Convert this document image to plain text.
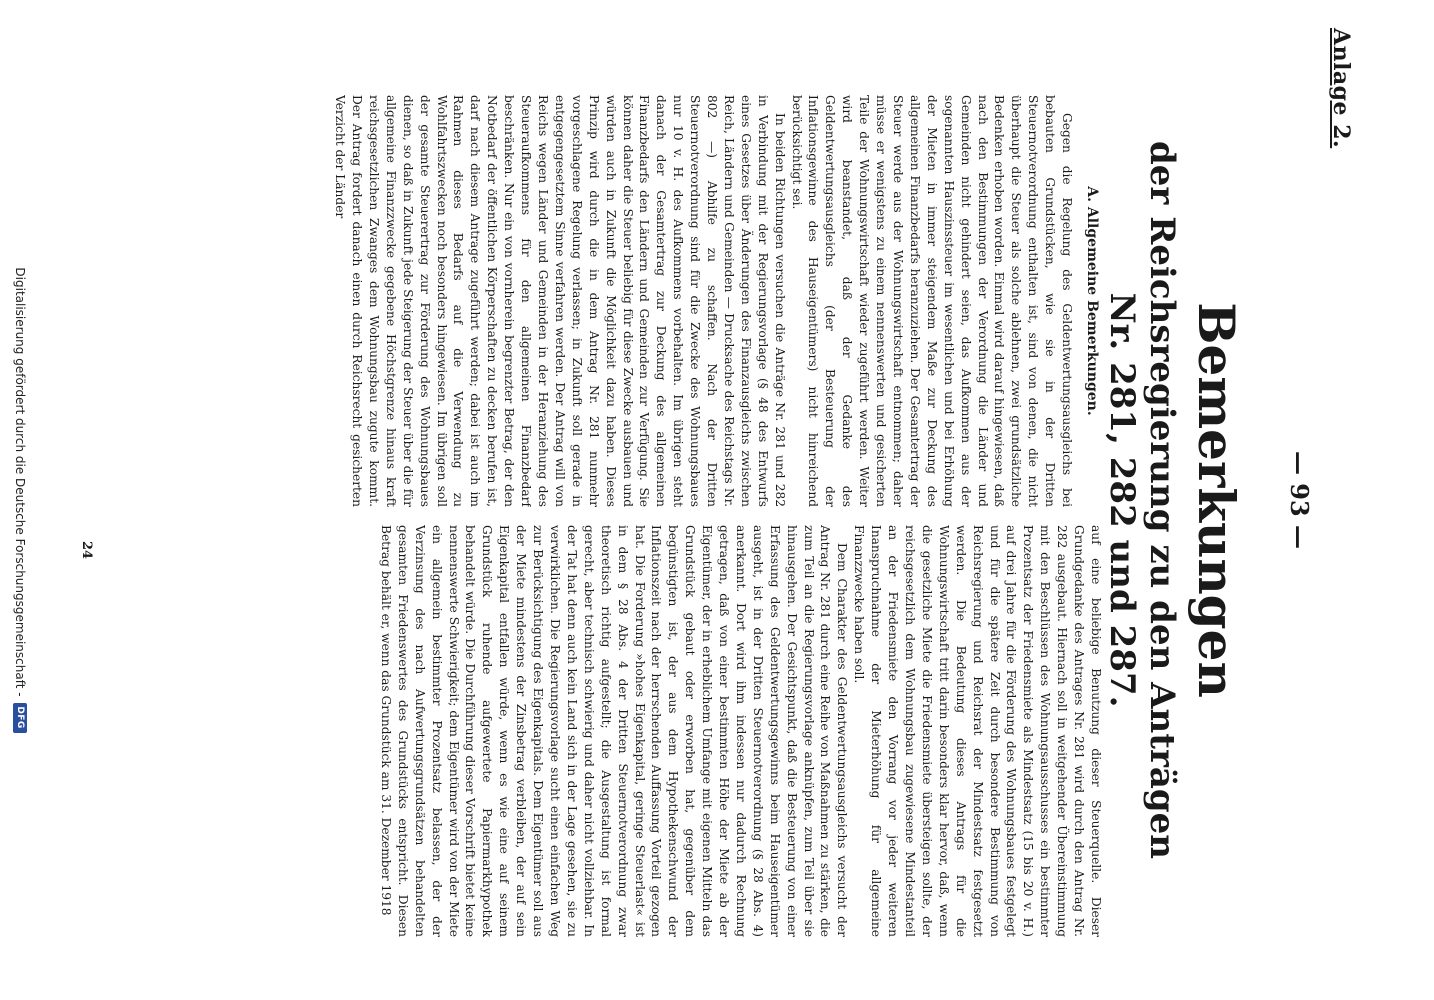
Anlage 2.
— 93 —
Bemerkungen
der Reichsregierung zu den Anträgen Nr. 281, 282 und 287.
A. Allgemeine Bemerkungen.

Gegen die Regelung des Geldentwertungsausgleichs bei bebauten Grundstücken, wie sie in der Dritten Steuernotverordnung enthalten ist, sind von denen, die nicht überhaupt die Steuer als solche ablehnen, zwei grundsätzliche Bedenken erhoben worden. Einmal wird darauf hingewiesen, daß nach den Bestimmungen der Verordnung die Länder und Gemeinden nicht gehindert seien, das Aufkommen aus der sogenannten Hauszinssteuer im wesentlichen und bei Erhöhung der Mieten in immer steigendem Maße zur Deckung des allgemeinen Finanzbedarfs heranzuziehen. Der Gesamtertrag der Steuer werde aus der Wohnungswirtschaft entnommen; daher müsse er wenigstens zu einem nennenswerten und gesicherten Teile der Wohnungswirtschaft wieder zugeführt werden. Weiter wird beanstandet, daß der Gedanke des Geldentwertungsausgleichs (der Besteuerung der Inflationsgewinne des Hauseigentümers) nicht hinreichend berücksichtigt sei.

In beiden Richtungen versuchen die Anträge Nr. 281 und 282 in Verbindung mit der Regierungsvorlage (§ 48 des Entwurfs eines Gesetzes über Änderungen des Finanzausgleichs zwischen Reich, Ländern und Gemeinden — Drucksache des Reichstags Nr. 802 —) Abhilfe zu schaffen. Nach der Dritten Steuernotverordnung sind für die Zwecke des Wohnungsbaues nur 10 v. H. des Aufkommens vorbehalten. Im übrigen steht danach der Gesamtertrag zur Deckung des allgemeinen Finanzbedarfs den Ländern und Gemeinden zur Verfügung. Sie können daher die Steuer beliebig für diese Zwecke ausbauen und würden auch in Zukunft die Möglichkeit dazu haben. Dieses Prinzip wird durch die in dem Antrag Nr. 281 nunmehr vorgeschlagene Regelung verlassen; in Zukunft soll gerade in entgegengesetztem Sinne verfahren werden. Der Antrag will von Reichs wegen Länder und Gemeinden in der Heranziehung des Steueraufkommens für den allgemeinen Finanzbedarf beschränken. Nur ein von vornherein begrenzter Betrag, der den Notbedarf der öffentlichen Körperschaften zu decken berufen ist, darf nach diesem Antrage zugeführt werden; dabei ist auch im Rahmen dieses Bedarfs auf die Verwendung zu Wohlfahrtszwecken noch besonders hingewiesen. Im übrigen soll der gesamte Steuerertrag zur Förderung des Wohnungsbaues dienen, so daß in Zukunft jede Steigerung der Steuer über die für allgemeine Finanzzwecke gegebene Höchstgrenze hinaus kraft reichsgesetzlichen Zwanges dem Wohnungsbau zugute kommt. Der Antrag fordert danach einen durch Reichsrecht gesicherten Verzicht der Länder

auf eine beliebige Benutzung dieser Steuerquelle. Dieser Grundgedanke des Antrages Nr. 281 wird durch den Antrag Nr. 282 ausgebaut. Hiernach soll in weitgehender Übereinstimmung mit den Beschlüssen des Wohnungsausschusses ein bestimmter Prozentsatz der Friedensmiete als Mindestsatz (15 bis 20 v. H.) auf drei Jahre für die Förderung des Wohnungsbaues festgelegt und für die spätere Zeit durch besondere Bestimmung von Reichsregierung und Reichsrat der Mindestsatz festgesetzt werden. Die Bedeutung dieses Antrags für die Wohnungswirtschaft tritt darin besonders klar hervor, daß, wenn die gesetzliche Miete die Friedensmiete übersteigen sollte, der reichsgesetzlich dem Wohnungsbau zugewiesene Mindestanteil an der Friedensmiete den Vorrang vor jeder weiteren Inanspruchnahme der Mieterhöhung für allgemeine Finanzzwecke haben soll.

Dem Charakter des Geldentwertungsausgleichs versucht der Antrag Nr. 281 durch eine Reihe von Maßnahmen zu stärken, die zum Teil an die Regierungsvorlage anknüpfen, zum Teil über sie hinausgehen. Der Gesichtspunkt, daß die Besteuerung von einer Erfassung des Geldentwertungsgewinns beim Hauseigentümer ausgeht, ist in der Dritten Steuernotverordnung (§ 28 Abs. 4) anerkannt. Dort wird ihm indessen nur dadurch Rechnung getragen, daß von einer bestimmten Höhe der Miete ab der Eigentümer, der in erheblichem Umfange mit eigenen Mitteln das Grundstück gebaut oder erworben hat, gegenüber dem begünstigten ist, der aus dem Hypothekenschwund der Inflationszeit nach der herrschenden Auffassung Vorteil gezogen hat. Die Forderung »hohes Eigenkapital, geringe Steuerlast« ist in dem § 28 Abs. 4 der Dritten Steuernotverordnung zwar theoretisch richtig aufgestellt; die Ausgestaltung ist formal gerecht, aber technisch schwierig und daher nicht vollziehbar. In der Tat hat denn auch kein Land sich in der Lage gesehen, sie zu verwirklichen. Die Regierungsvorlage sucht einen einfachen Weg zur Berücksichtigung des Eigenkapitals. Dem Eigentümer soll aus der Miete mindestens der Zinsbetrag verbleiben, der auf sein Eigenkapital entfallen würde, wenn es wie eine auf seinem Grundstück ruhende aufgewertete Papiermarkhypothek behandelt würde. Die Durchführung dieser Vorschrift bietet keine nennenswerte Schwierigkeit; dem Eigentümer wird von der Miete ein allgemein bestimmter Prozentsatz belassen, der der Verzinsung des nach Aufwertungsgrundsätzen behandelten gesamten Friedenswertes des Grundstücks entspricht. Diesen Betrag behält er, wenn das Grundstück am 31. Dezember 1918

24
Digitalisierung gefördert durch die Deutsche Forschungsgemeinschaft -
DFG
